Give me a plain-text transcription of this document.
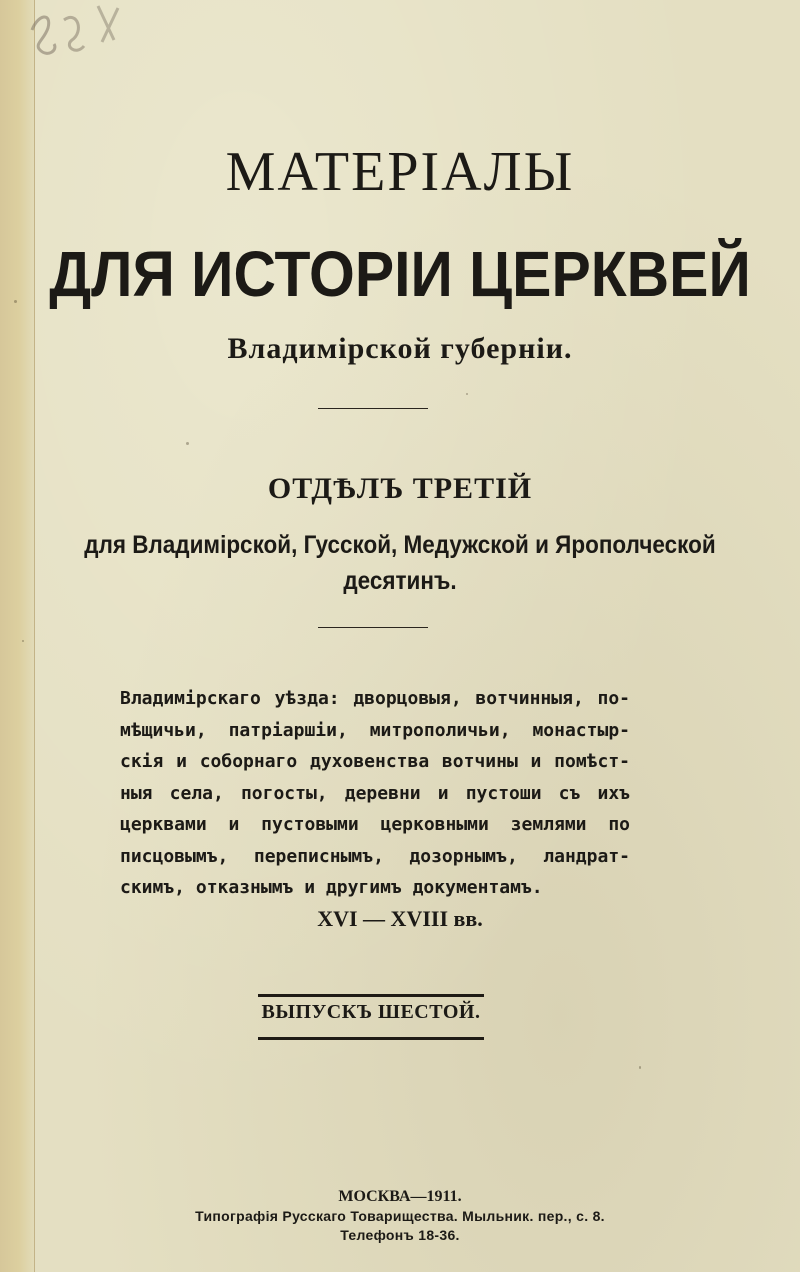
МАТЕРІАЛЫ
ДЛЯ ИСТОРІИ ЦЕРКВЕЙ
Владимірской губерніи.
ОТДѢЛЪ ТРЕТІЙ
для Владимірской, Гусской, Медужской и Ярополческой
десятинъ.
Владимірскаго уѣзда: дворцовыя, вотчинныя, по-
мѣщичьи, патріаршіи, митрополичьи, монастыр-
скія и соборнаго духовенства вотчины и помѣст-
ныя села, погосты, деревни и пустоши съ ихъ
церквами и пустовыми церковными землями по
писцовымъ, переписнымъ, дозорнымъ, ландрат-
скимъ, отказнымъ и другимъ документамъ.
XVI — XVIII вв.
ВЫПУСКЪ ШЕСТОЙ.
МОСКВА—1911.
Типографія Русскаго Товарищества. Мыльник. пер., с. 8.
Телефонъ 18-36.
